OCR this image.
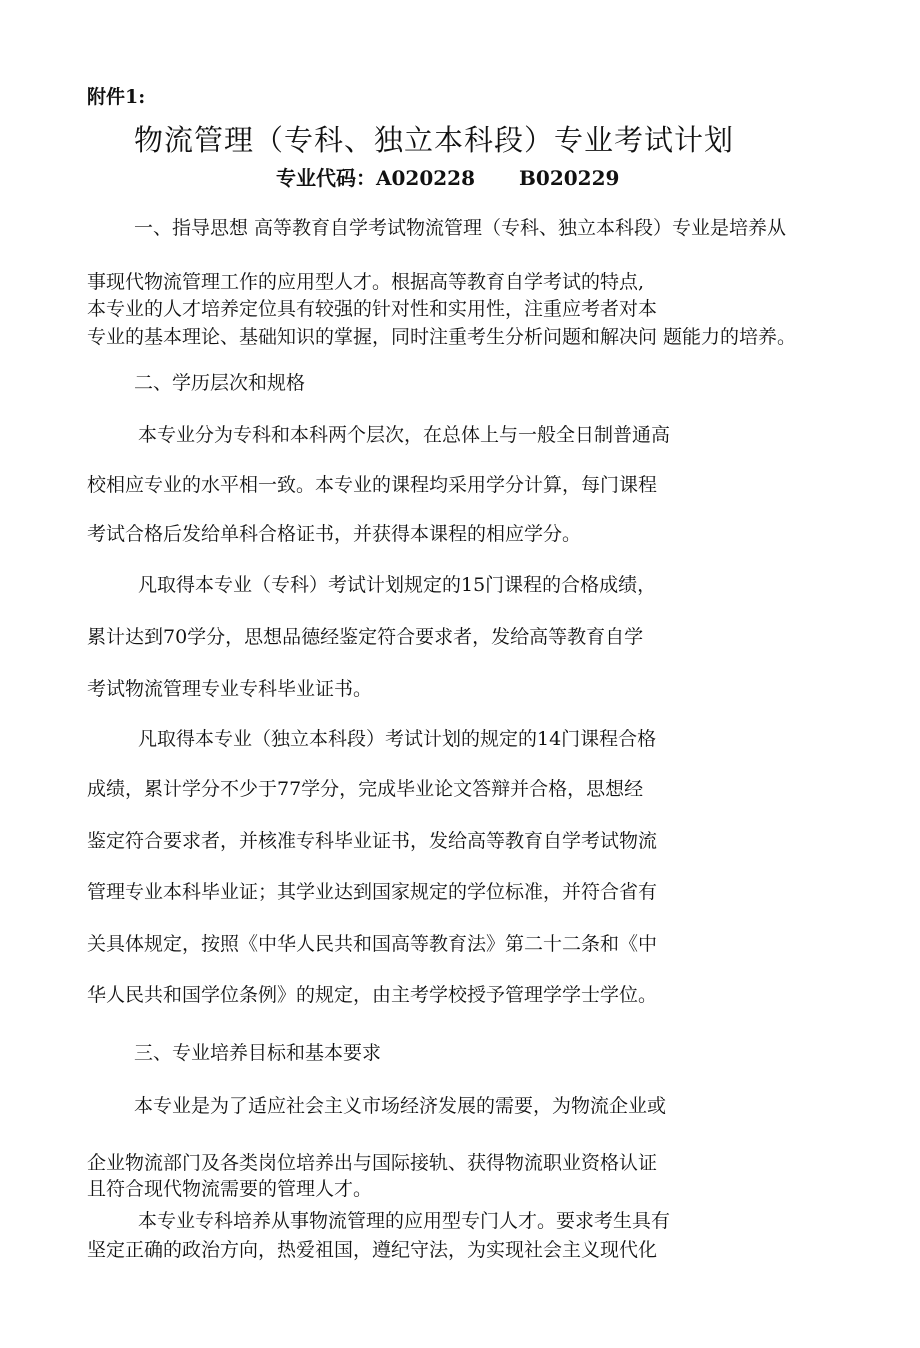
附件1:
物流管理（专科、独立本科段）专业考试计划
专业代码：A020228 B020229
一、指导思想 高等教育自学考试物流管理（专科、独立本科段）专业是培养从
事现代物流管理工作的应用型人才。根据高等教育自学考试的特点,
本专业的人才培养定位具有较强的针对性和实用性，注重应考者对本
专业的基本理论、基础知识的掌握，同时注重考生分析问题和解决问 题能力的培养。
二、学历层次和规格
本专业分为专科和本科两个层次，在总体上与一般全日制普通高
校相应专业的水平相一致。本专业的课程均采用学分计算，每门课程
考试合格后发给单科合格证书，并获得本课程的相应学分。
凡取得本专业（专科）考试计划规定的15门课程的合格成绩，
累计达到70学分，思想品德经鉴定符合要求者，发给高等教育自学
考试物流管理专业专科毕业证书。
凡取得本专业（独立本科段）考试计划的规定的14门课程合格
成绩，累计学分不少于77学分，完成毕业论文答辩并合格，思想经
鉴定符合要求者，并核准专科毕业证书，发给高等教育自学考试物流
管理专业本科毕业证；其学业达到国家规定的学位标准，并符合省有
关具体规定，按照《中华人民共和国高等教育法》第二十二条和《中
华人民共和国学位条例》的规定，由主考学校授予管理学学士学位。
三、专业培养目标和基本要求
本专业是为了适应社会主义市场经济发展的需要，为物流企业或
企业物流部门及各类岗位培养出与国际接轨、获得物流职业资格认证
且符合现代物流需要的管理人才。
本专业专科培养从事物流管理的应用型专门人才。要求考生具有
坚定正确的政治方向，热爱祖国，遵纪守法，为实现社会主义现代化
